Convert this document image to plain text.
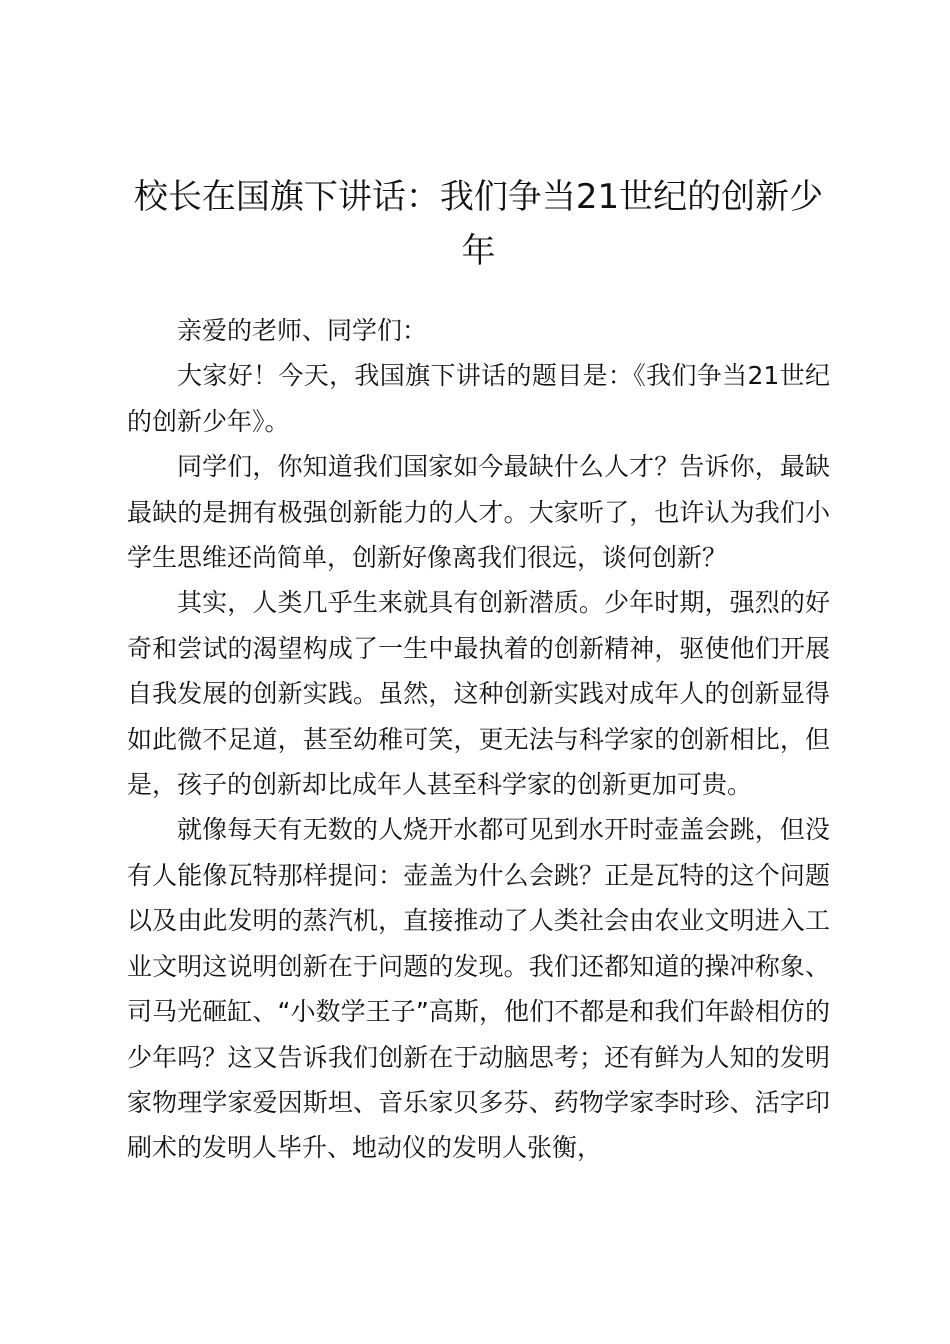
校长在国旗下讲话：我们争当21世纪的创新少年

亲爱的老师、同学们：

大家好！今天，我国旗下讲话的题目是：《我们争当21世纪的创新少年》。

同学们，你知道我们国家如今最缺什么人才？告诉你，最缺最缺的是拥有极强创新能力的人才。大家听了，也许认为我们小学生思维还尚简单，创新好像离我们很远，谈何创新？

其实，人类几乎生来就具有创新潜质。少年时期，强烈的好奇和尝试的渴望构成了一生中最执着的创新精神，驱使他们开展自我发展的创新实践。虽然，这种创新实践对成年人的创新显得如此微不足道，甚至幼稚可笑，更无法与科学家的创新相比，但是，孩子的创新却比成年人甚至科学家的创新更加可贵。

就像每天有无数的人烧开水都可见到水开时壶盖会跳，但没有人能像瓦特那样提问：壶盖为什么会跳？正是瓦特的这个问题以及由此发明的蒸汽机，直接推动了人类社会由农业文明进入工业文明这说明创新在于问题的发现。我们还都知道的操冲称象、司马光砸缸、“小数学王子”高斯，他们不都是和我们年龄相仿的少年吗？这又告诉我们创新在于动脑思考；还有鲜为人知的发明家物理学家爱因斯坦、音乐家贝多芬、药物学家李时珍、活字印刷术的发明人毕升、地动仪的发明人张衡，
